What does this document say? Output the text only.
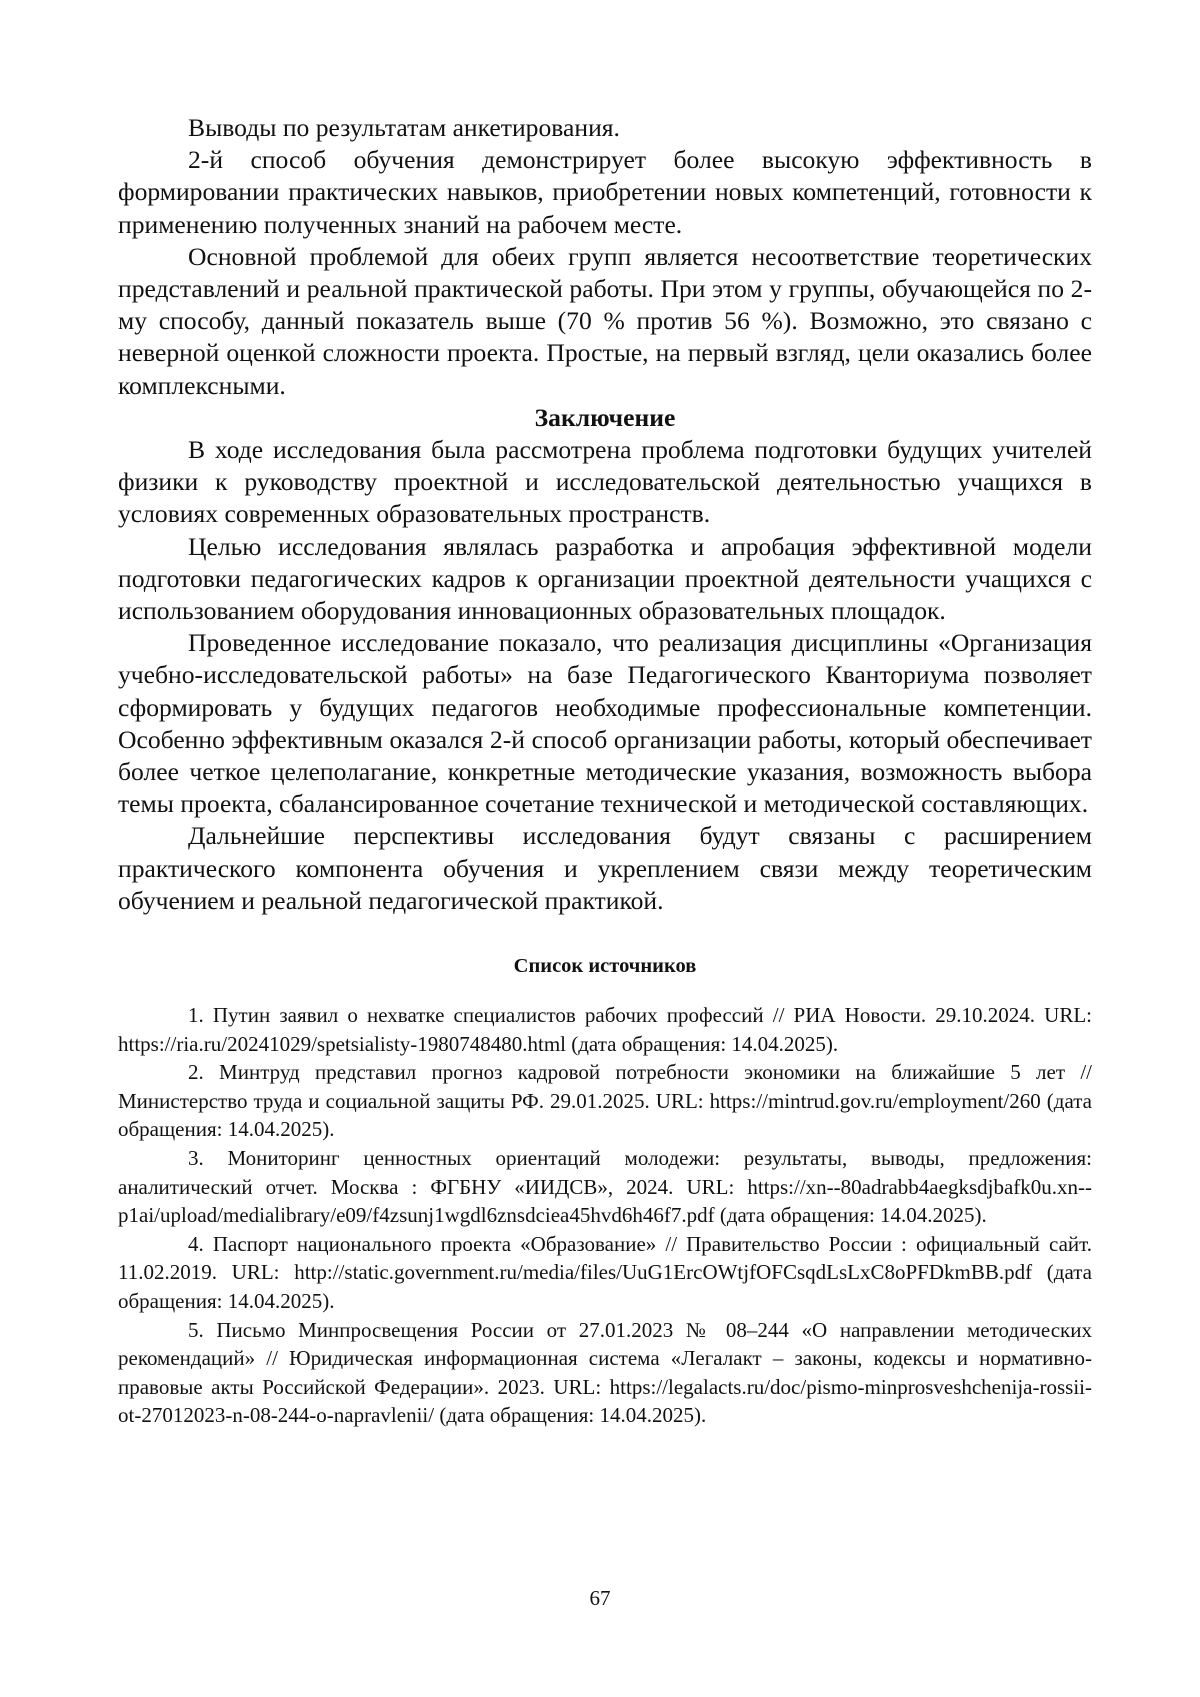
Выводы по результатам анкетирования.

2-й способ обучения демонстрирует более высокую эффективность в формировании практических навыков, приобретении новых компетенций, готовности к применению полученных знаний на рабочем месте.

Основной проблемой для обеих групп является несоответствие теоретических представлений и реальной практической работы. При этом у группы, обучающейся по 2-му способу, данный показатель выше (70 % против 56 %). Возможно, это связано с неверной оценкой сложности проекта. Простые, на первый взгляд, цели оказались более комплексными.

Заключение

В ходе исследования была рассмотрена проблема подготовки будущих учителей физики к руководству проектной и исследовательской деятельностью учащихся в условиях современных образовательных пространств.

Целью исследования являлась разработка и апробация эффективной модели подготовки педагогических кадров к организации проектной деятельности учащихся с использованием оборудования инновационных образовательных площадок.

Проведенное исследование показало, что реализация дисциплины «Организация учебно-исследовательской работы» на базе Педагогического Кванториума позволяет сформировать у будущих педагогов необходимые профессиональные компетенции. Особенно эффективным оказался 2-й способ организации работы, который обеспечивает более четкое целеполагание, конкретные методические указания, возможность выбора темы проекта, сбалансированное сочетание технической и методической составляющих.

Дальнейшие перспективы исследования будут связаны с расширением практического компонента обучения и укреплением связи между теоретическим обучением и реальной педагогической практикой.

Список источников

1. Путин заявил о нехватке специалистов рабочих профессий // РИА Новости. 29.10.2024. URL: https://ria.ru/20241029/spetsialisty-1980748480.html (дата обращения: 14.04.2025).

2. Минтруд представил прогноз кадровой потребности экономики на ближайшие 5 лет // Министерство труда и социальной защиты РФ. 29.01.2025. URL: https://mintrud.​gov.ru/employment/260 (дата обращения: 14.04.2025).

3. Мониторинг ценностных ориентаций молодежи: результаты, выводы, предложения: аналитический отчет. Москва : ФГБНУ «ИИДСВ», 2024. URL: https://xn--80adrabb4​aegksdjbafk0u.xn--p1ai/upload/medialibrary/e09/f4zsunj1wgdl6znsdciea45hvd6h46f7.pdf (дата обращения: 14.04.2025).

4. Паспорт национального проекта «Образование» // Правительство России : официальный сайт. 11.02.2019. URL: http://static.government.ru/media/files/UuG1ErcOWtjfOFCsqdLs​LxC8oPFDkmBB.pdf (дата обращения: 14.04.2025).

5. Письмо Минпросвещения России от 27.01.2023 № 08–244 «О направлении методических рекомендаций» // Юридическая информационная система «Легалакт – законы, кодексы и нормативно-правовые акты Российской Федерации». 2023. URL: https://legalacts.ru/​doc/pismo-minprosveshchenija-rossii-ot-27012023-n-08-244-o-napravlenii/ (дата обращения: 14.04.2025).

67
